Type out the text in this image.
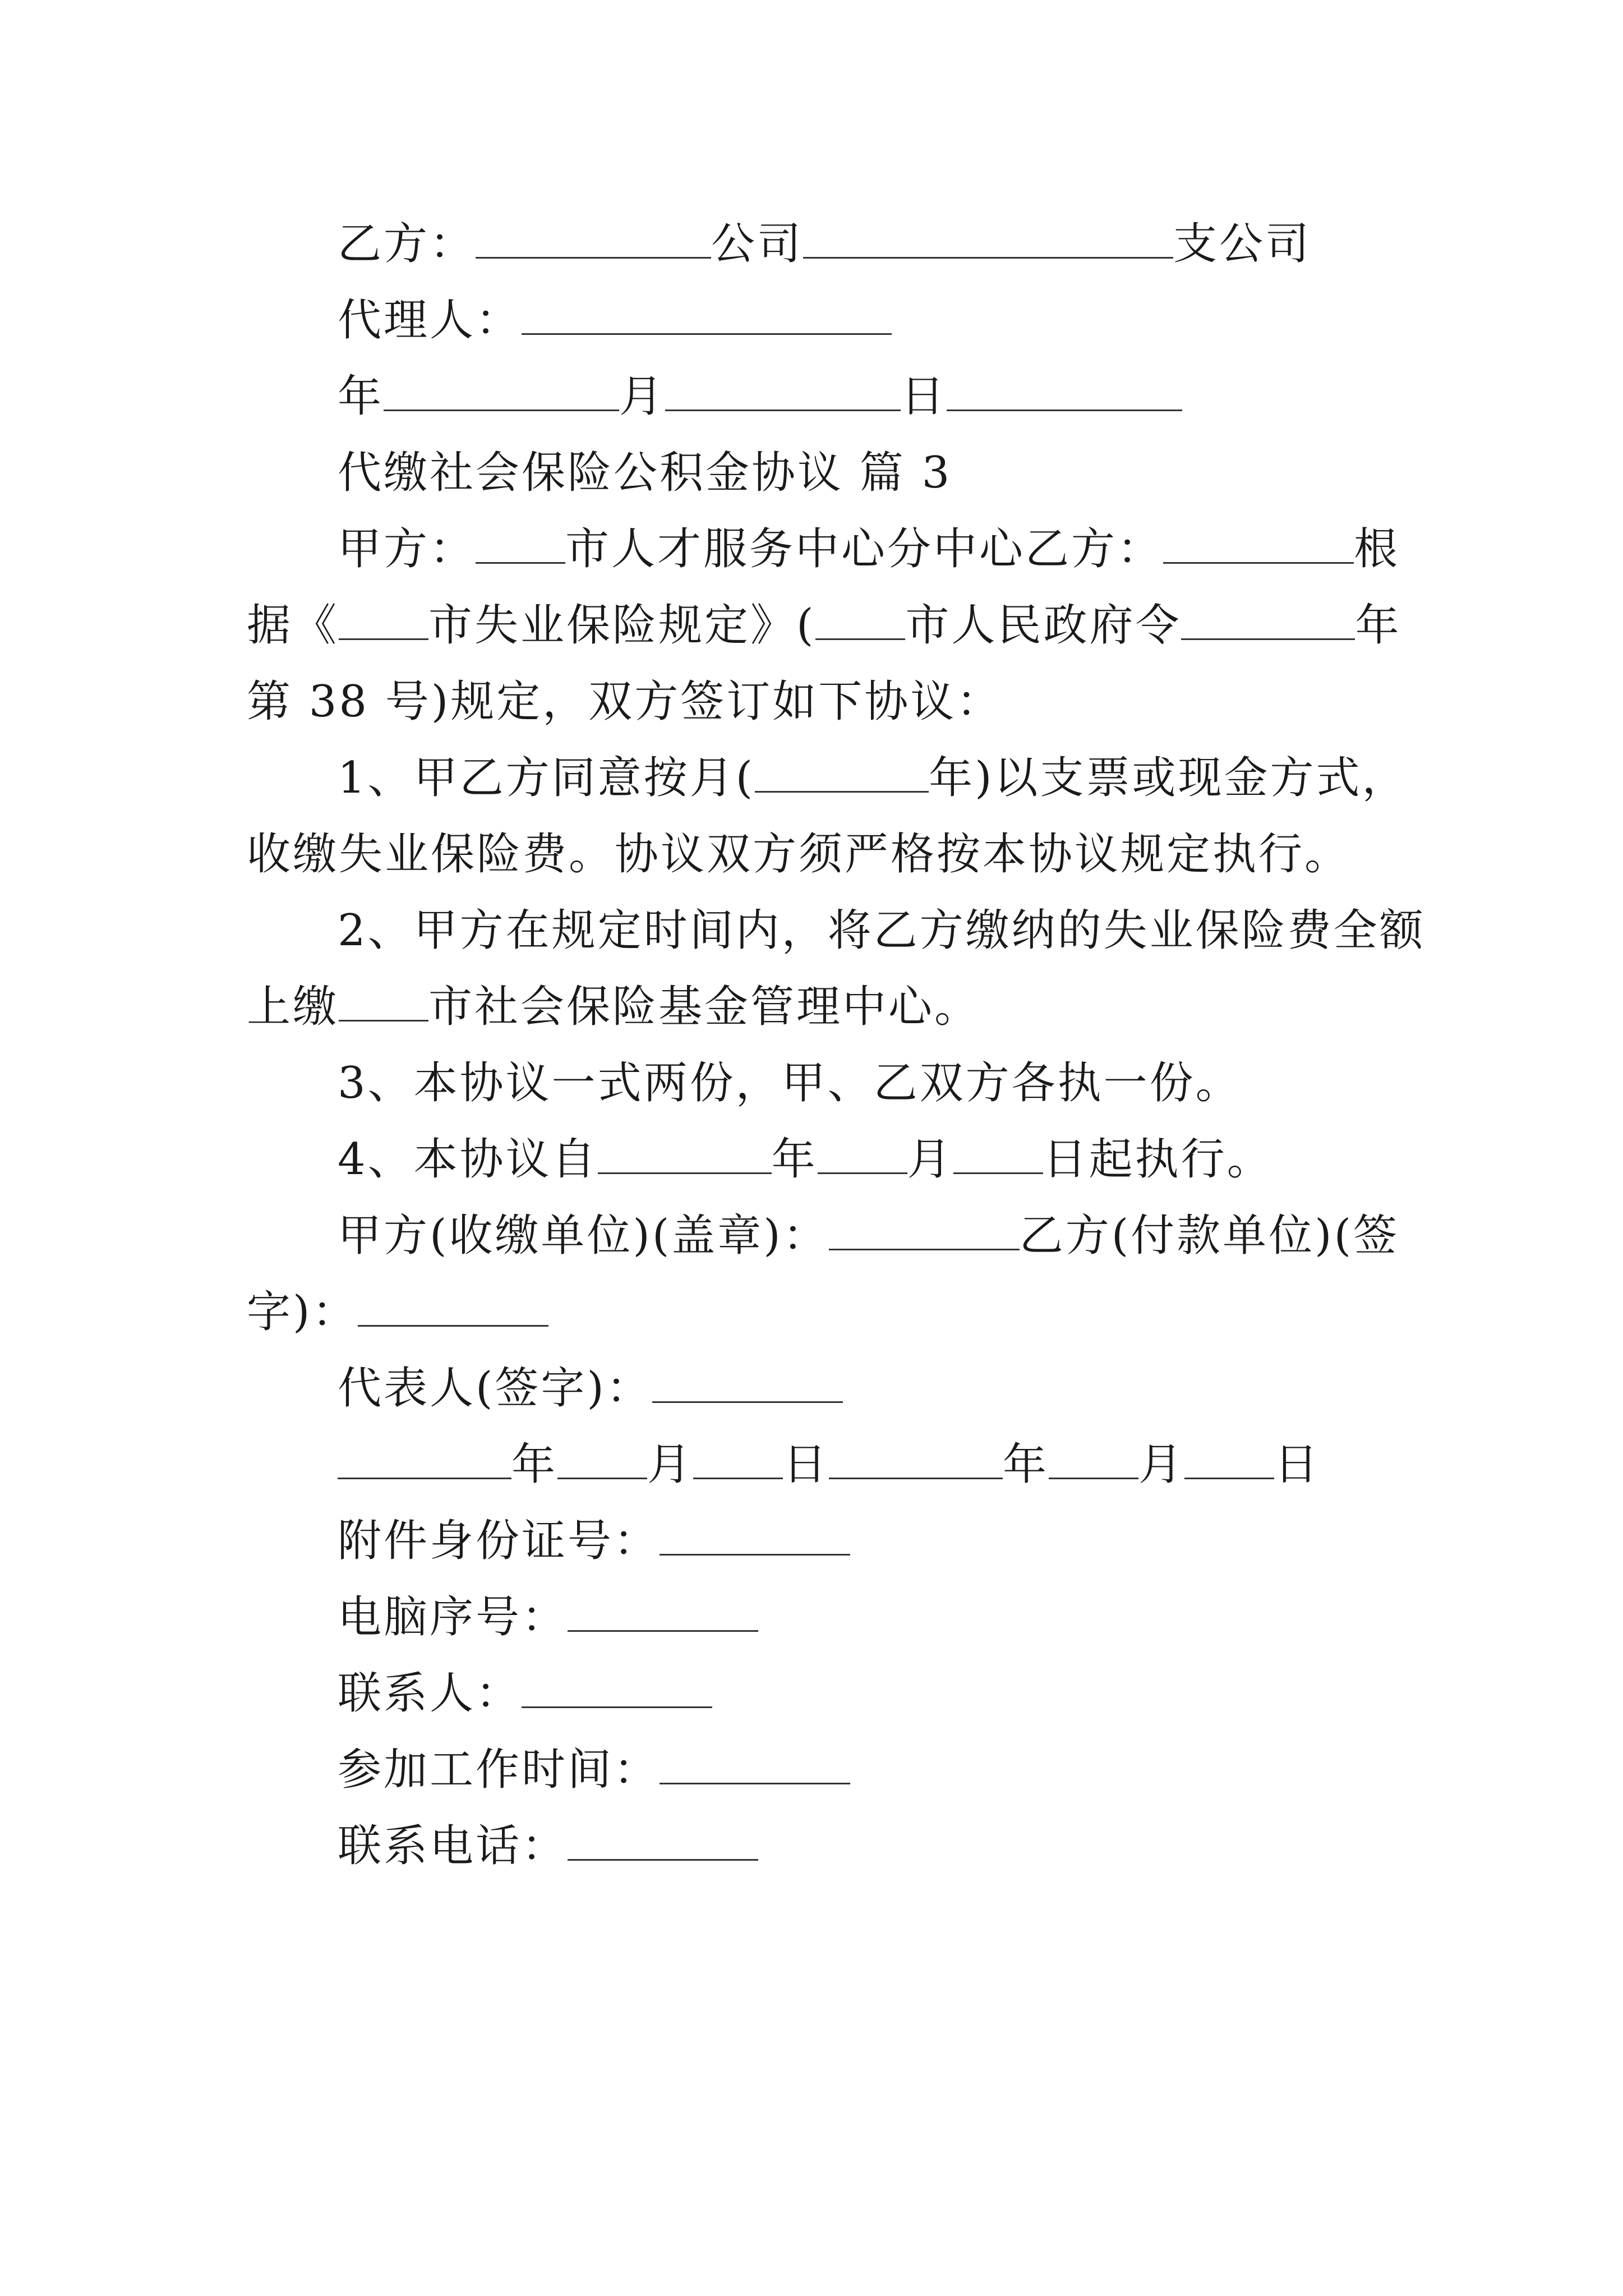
乙方：	公司	支公司
代理人：
年	月	日
代缴社会保险公积金协议 篇 3
甲方： 市人才服务中心分中心乙方：	根
据《 市失业保险规定》( 市人民政府令	年
第 38 号)规定，双方签订如下协议：
1、甲乙方同意按月(	年)以支票或现金方式，
收缴失业保险费。协议双方须严格按本协议规定执行。
2、甲方在规定时间内，将乙方缴纳的失业保险费全额
上缴 市社会保险基金管理中心。
3、本协议一式两份，甲、乙双方各执一份。
4、本协议自	年 月 日起执行。
甲方(收缴单位)(盖章)：	乙方(付款单位)(签
字)：
代表人(签字)：
年 月 日	年 月 日
附件身份证号：
电脑序号：
联系人：
参加工作时间：
联系电话：
